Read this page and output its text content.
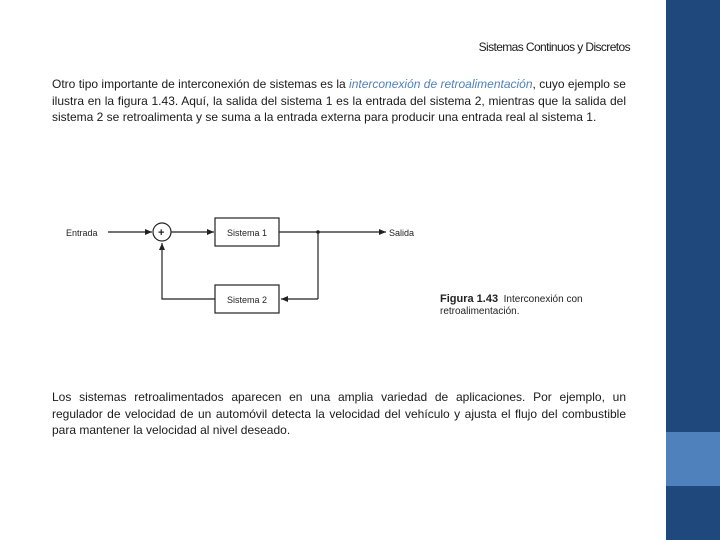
Sistemas Continuos y Discretos

Otro tipo importante de interconexión de sistemas es la interconexión de retroalimentación, cuyo ejemplo se ilustra en la figura 1.43. Aquí, la salida del sistema 1 es la entrada del sistema 2, mientras que la salida del sistema 2 se retroalimenta y se suma a la entrada externa para producir una entrada real al sistema 1.

Entrada	+	Sistema 1	Salida
Sistema 2	Figura 1.43 Interconexión con retroalimentación.

Los sistemas retroalimentados aparecen en una amplia variedad de aplicaciones. Por ejemplo, un regulador de velocidad de un automóvil detecta la velocidad del vehículo y ajusta el flujo del combustible para mantener la velocidad al nivel deseado.
